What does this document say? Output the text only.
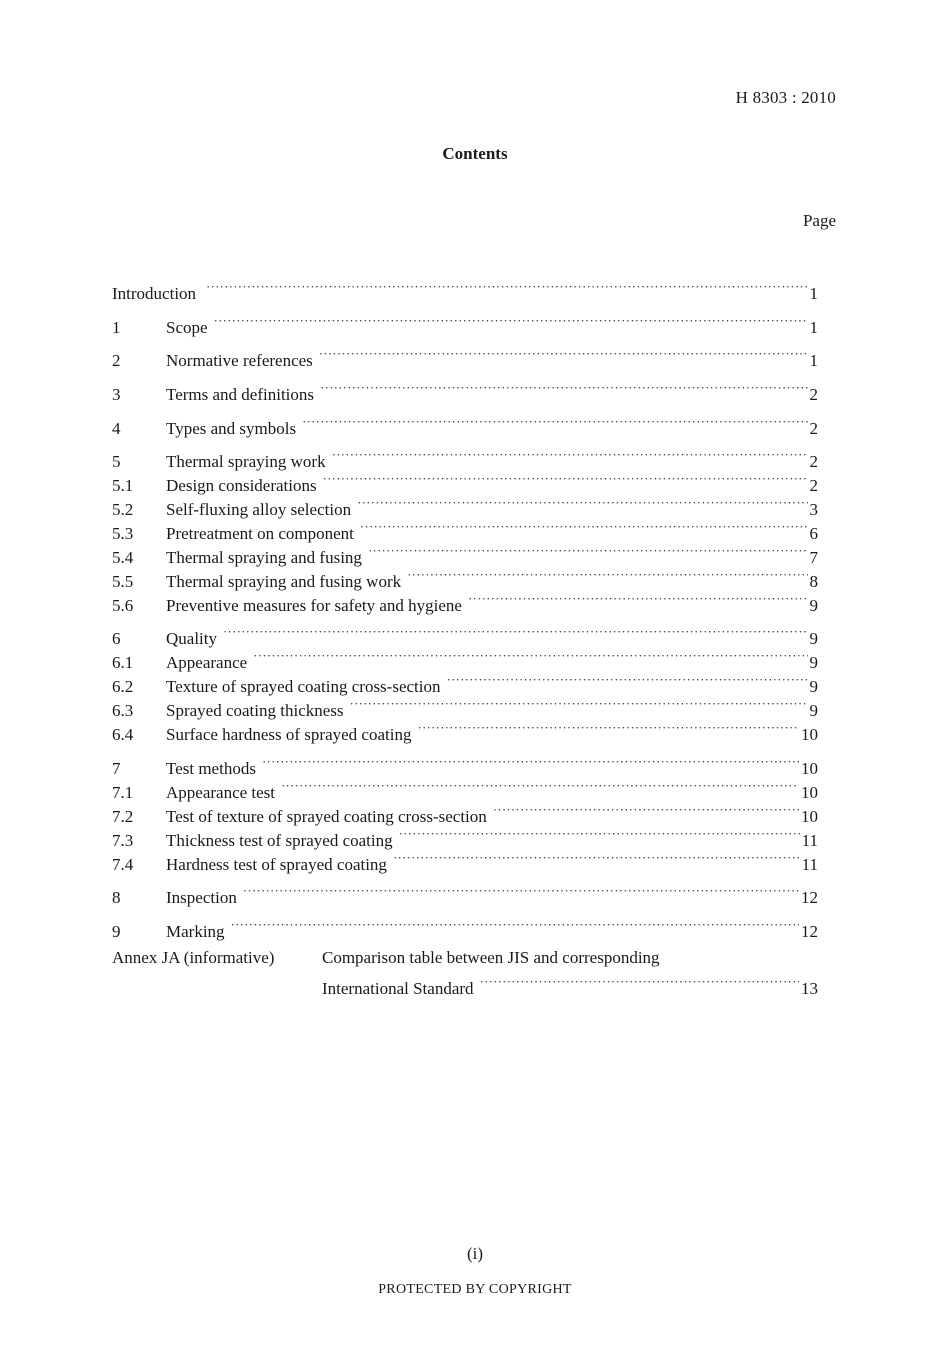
H 8303 : 2010
Contents
Page
Introduction ·····	1
1	Scope ·····	1
2	Normative references ·····	1
3	Terms and definitions ·····	2
4	Types and symbols ·····	2
5	Thermal spraying work ·····	2
5.1	Design considerations ·····	2
5.2	Self-fluxing alloy selection ·····	3
5.3	Pretreatment on component ·····	6
5.4	Thermal spraying and fusing ·····	7
5.5	Thermal spraying and fusing work ·····	8
5.6	Preventive measures for safety and hygiene ·····	9
6	Quality ·····	9
6.1	Appearance ·····	9
6.2	Texture of sprayed coating cross-section ·····	9
6.3	Sprayed coating thickness ·····	9
6.4	Surface hardness of sprayed coating ·····	10
7	Test methods ·····	10
7.1	Appearance test ·····	10
7.2	Test of texture of sprayed coating cross-section ·····	10
7.3	Thickness test of sprayed coating ·····	11
7.4	Hardness test of sprayed coating ·····	11
8	Inspection ·····	12
9	Marking ·····	12
Annex JA (informative)	Comparison table between JIS and corresponding
International Standard ·····	13
(i)
PROTECTED BY COPYRIGHT
